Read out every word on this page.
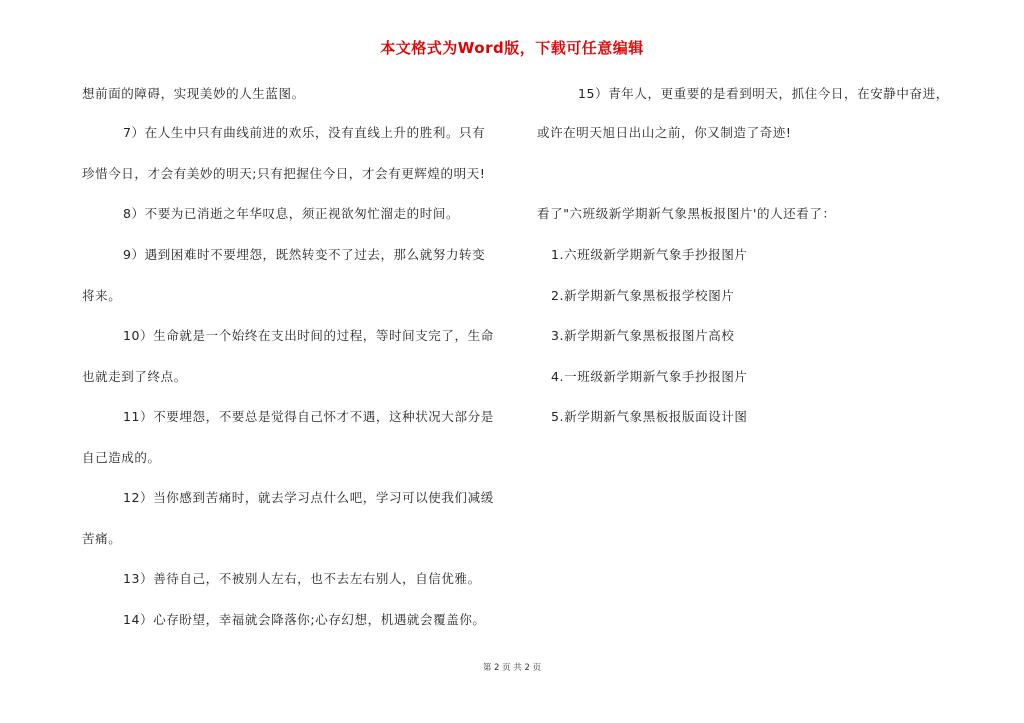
本文格式为Word版，下载可任意编辑
想前面的障碍，实现美妙的人生蓝图。
7）在人生中只有曲线前进的欢乐，没有直线上升的胜利。只有
珍惜今日，才会有美妙的明天;只有把握住今日，才会有更辉煌的明天!
8）不要为已消逝之年华叹息，须正视欲匆忙溜走的时间。
9）遇到困难时不要埋怨，既然转变不了过去，那么就努力转变
将来。
10）生命就是一个始终在支出时间的过程，等时间支完了，生命
也就走到了终点。
11）不要埋怨，不要总是觉得自己怀才不遇，这种状况大部分是
自己造成的。
12）当你感到苦痛时，就去学习点什么吧，学习可以使我们减缓
苦痛。
13）善待自己，不被别人左右，也不去左右别人，自信优雅。
14）心存盼望，幸福就会降落你;心存幻想，机遇就会覆盖你。
15）青年人，更重要的是看到明天，抓住今日，在安静中奋进，
或许在明天旭日出山之前，你又制造了奇迹!
看了"六班级新学期新气象黑板报图片'的人还看了：
1.六班级新学期新气象手抄报图片
2.新学期新气象黑板报学校图片
3.新学期新气象黑板报图片高校
4.一班级新学期新气象手抄报图片
5.新学期新气象黑板报版面设计图
第 2 页 共 2 页
